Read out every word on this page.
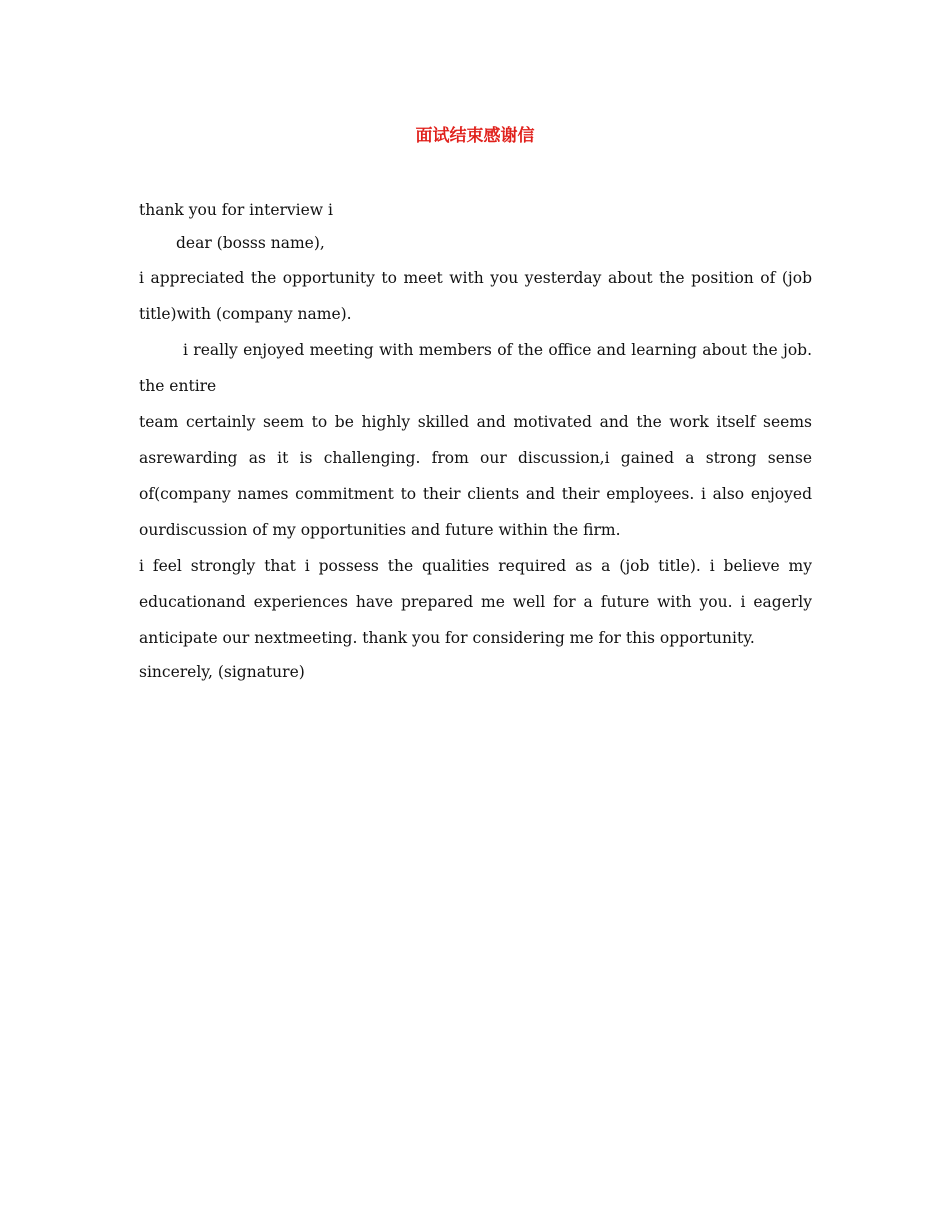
面试结束感谢信

thank you for interview i

dear (bosss name),

i appreciated the opportunity to meet with you yesterday about the position of (job title)with (company name).

i really enjoyed meeting with members of the office and learning about the job. the entire

team certainly seem to be highly skilled and motivated and the work itself seems asrewarding as it is challenging. from our discussion,i gained a strong sense of(company names commitment to their clients and their employees. i also enjoyed ourdiscussion of my opportunities and future within the firm.

i feel strongly that i possess the qualities required as a (job title). i believe my educationand experiences have prepared me well for a future with you. i eagerly anticipate our nextmeeting. thank you for considering me for this opportunity.

sincerely, (signature)
